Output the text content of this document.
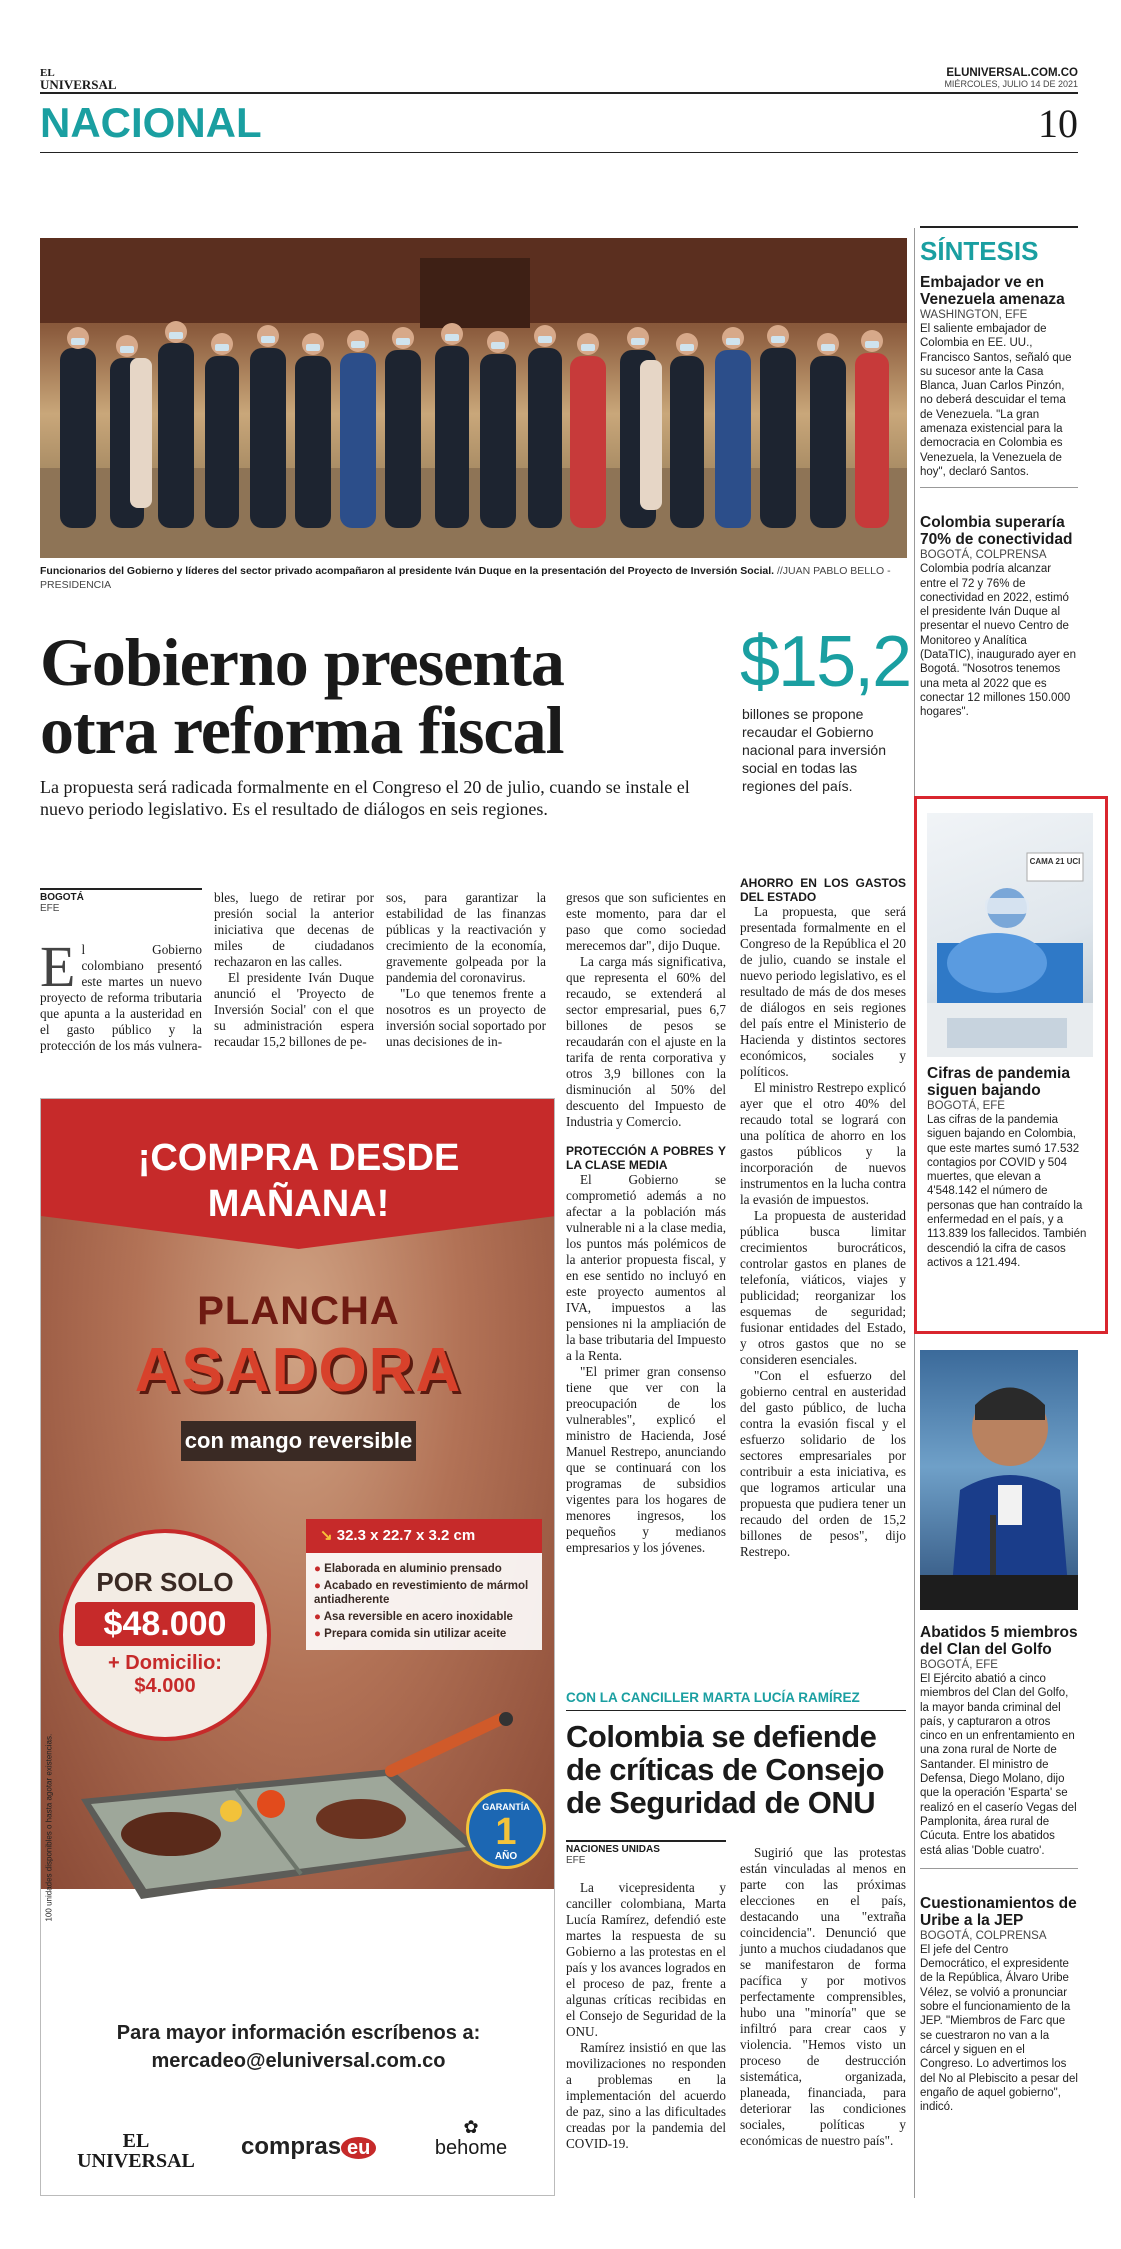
EL
UNIVERSAL
ELUNIVERSAL.COM.CO
MIÉRCOLES, JULIO 14 DE 2021
NACIONAL	10
Funcionarios del Gobierno y líderes del sector privado acompañaron al presidente Iván Duque en la presentación del Proyecto de Inversión Social. //JUAN PABLO BELLO - PRESIDENCIA
Gobierno presenta
otra reforma fiscal
La propuesta será radicada formalmente en el Congreso el 20 de julio, cuando se instale el nuevo periodo legislativo. Es el resultado de diálogos en seis regiones.
$15,2
billones se propone recaudar el Gobierno nacional para inversión social en todas las regiones del país.
BOGOTÁ
EFE
E l Gobierno colombiano presentó este martes un nuevo proyecto de reforma tributaria que apunta a la austeridad en el gasto público y la protección de los más vulnera-

bles, luego de retirar por presión social la anterior iniciativa que decenas de miles de ciudadanos rechazaron en las calles.

El presidente Iván Duque anunció el 'Proyecto de Inversión Social' con el que su administración espera recaudar 15,2 billones de pe-

sos, para garantizar la estabilidad de las finanzas públicas y la reactivación y crecimiento de la economía, gravemente golpeada por la pandemia del coronavirus.

"Lo que tenemos frente a nosotros es un proyecto de inversión social soportado por unas decisiones de in-

gresos que son suficientes en este momento, para dar el paso que como sociedad merecemos dar", dijo Duque.

La carga más significativa, que representa el 60% del recaudo, se extenderá al sector empresarial, pues 6,7 billones de pesos se recaudarán con el ajuste en la tarifa de renta corporativa y otros 3,9 billones con la disminución al 50% del descuento del Impuesto de Industria y Comercio.

PROTECCIÓN A POBRES Y LA CLASE MEDIA

El Gobierno se comprometió además a no afectar a la población más vulnerable ni a la clase media, los puntos más polémicos de la anterior propuesta fiscal, y en ese sentido no incluyó en este proyecto aumentos al IVA, impuestos a las pensiones ni la ampliación de la base tributaria del Impuesto a la Renta.

"El primer gran consenso tiene que ver con la preocupación de los vulnerables", explicó el ministro de Hacienda, José Manuel Restrepo, anunciando que se continuará con los programas de subsidios vigentes para los hogares de menores ingresos, los pequeños y medianos empresarios y los jóvenes.

AHORRO EN LOS GASTOS DEL ESTADO

La propuesta, que será presentada formalmente en el Congreso de la República el 20 de julio, cuando se instale el nuevo periodo legislativo, es el resultado de más de dos meses de diálogos en seis regiones del país entre el Ministerio de Hacienda y distintos sectores económicos, sociales y políticos.

El ministro Restrepo explicó ayer que el otro 40% del recaudo total se logrará con una política de ahorro en los gastos públicos y la incorporación de nuevos instrumentos en la lucha contra la evasión de impuestos.

La propuesta de austeridad pública busca limitar crecimientos burocráticos, controlar gastos en planes de telefonía, viáticos, viajes y publicidad; reorganizar los esquemas de seguridad; fusionar entidades del Estado, y otros gastos que no se consideren esenciales.

"Con el esfuerzo del gobierno central en austeridad del gasto público, de lucha contra la evasión fiscal y el esfuerzo solidario de los sectores empresariales por contribuir a esta iniciativa, es que logramos articular una propuesta que pudiera tener un recaudo del orden de 15,2 billones de pesos", dijo Restrepo.

¡COMPRA DESDE
MAÑANA!
PLANCHA
ASADORA
con mango reversible
↘ 32.3 x 22.7 x 3.2 cm
● Elaborada en aluminio prensado
● Acabado en revestimiento de mármol antiadherente
● Asa reversible en acero inoxidable
● Prepara comida sin utilizar aceite
POR SOLO
$48.000
+ Domicilio:
$4.000
100 unidades disponibles o hasta agotar existencias.	GARANTÍA
1
AÑO
Para mayor información escríbenos a:
mercadeo@eluniversal.com.co
EL UNIVERSAL
compras eu
✿
behome
CON LA CANCILLER MARTA LUCÍA RAMÍREZ
Colombia se defiende de críticas de Consejo de Seguridad de ONU
NACIONES UNIDAS
EFE

La vicepresidenta y canciller colombiana, Marta Lucía Ramírez, defendió este martes la respuesta de su Gobierno a las protestas en el país y los avances logrados en el proceso de paz, frente a algunas críticas recibidas en el Consejo de Seguridad de la ONU.

Ramírez insistió en que las movilizaciones no responden a problemas en la implementación del acuerdo de paz, sino a las dificultades creadas por la pandemia del COVID-19.

Sugirió que las protestas están vinculadas al menos en parte con las próximas elecciones en el país, destacando una "extraña coincidencia". Denunció que junto a muchos ciudadanos que se manifestaron de forma pacífica y por motivos perfectamente comprensibles, hubo una "minoría" que se infiltró para crear caos y violencia. "Hemos visto un proceso de destrucción sistemática, organizada, planeada, financiada, para deteriorar las condiciones sociales, políticas y económicas de nuestro país".

SÍNTESIS
Embajador ve en Venezuela amenaza
WASHINGTON, EFE
El saliente embajador de Colombia en EE. UU., Francisco Santos, señaló que su sucesor ante la Casa Blanca, Juan Carlos Pinzón, no deberá descuidar el tema de Venezuela. "La gran amenaza existencial para la democracia en Colombia es Venezuela, la Venezuela de hoy", declaró Santos.
Colombia superaría 70% de conectividad
BOGOTÁ, COLPRENSA
Colombia podría alcanzar entre el 72 y 76% de conectividad en 2022, estimó el presidente Iván Duque al presentar el nuevo Centro de Monitoreo y Analítica (DataTIC), inaugurado ayer en Bogotá. "Nosotros tenemos una meta al 2022 que es conectar 12 millones 150.000 hogares".
CAMA 21 UCI
Cifras de pandemia siguen bajando
BOGOTÁ, EFE
Las cifras de la pandemia siguen bajando en Colombia, que este martes sumó 17.532 contagios por COVID y 504 muertes, que elevan a 4'548.142 el número de personas que han contraído la enfermedad en el país, y a 113.839 los fallecidos. También descendió la cifra de casos activos a 121.494.
Abatidos 5 miembros del Clan del Golfo
BOGOTÁ, EFE
El Ejército abatió a cinco miembros del Clan del Golfo, la mayor banda criminal del país, y capturaron a otros cinco en un enfrentamiento en una zona rural de Norte de Santander. El ministro de Defensa, Diego Molano, dijo que la operación 'Esparta' se realizó en el caserío Vegas del Pamplonita, área rural de Cúcuta. Entre los abatidos está alias 'Doble cuatro'.
Cuestionamientos de Uribe a la JEP
BOGOTÁ, COLPRENSA
El jefe del Centro Democrático, el expresidente de la República, Álvaro Uribe Vélez, se volvió a pronunciar sobre el funcionamiento de la JEP. "Miembros de Farc que se cuestraron no van a la cárcel y siguen en el Congreso. Lo advertimos los del No al Plebiscito a pesar del engaño de aquel gobierno", indicó.
